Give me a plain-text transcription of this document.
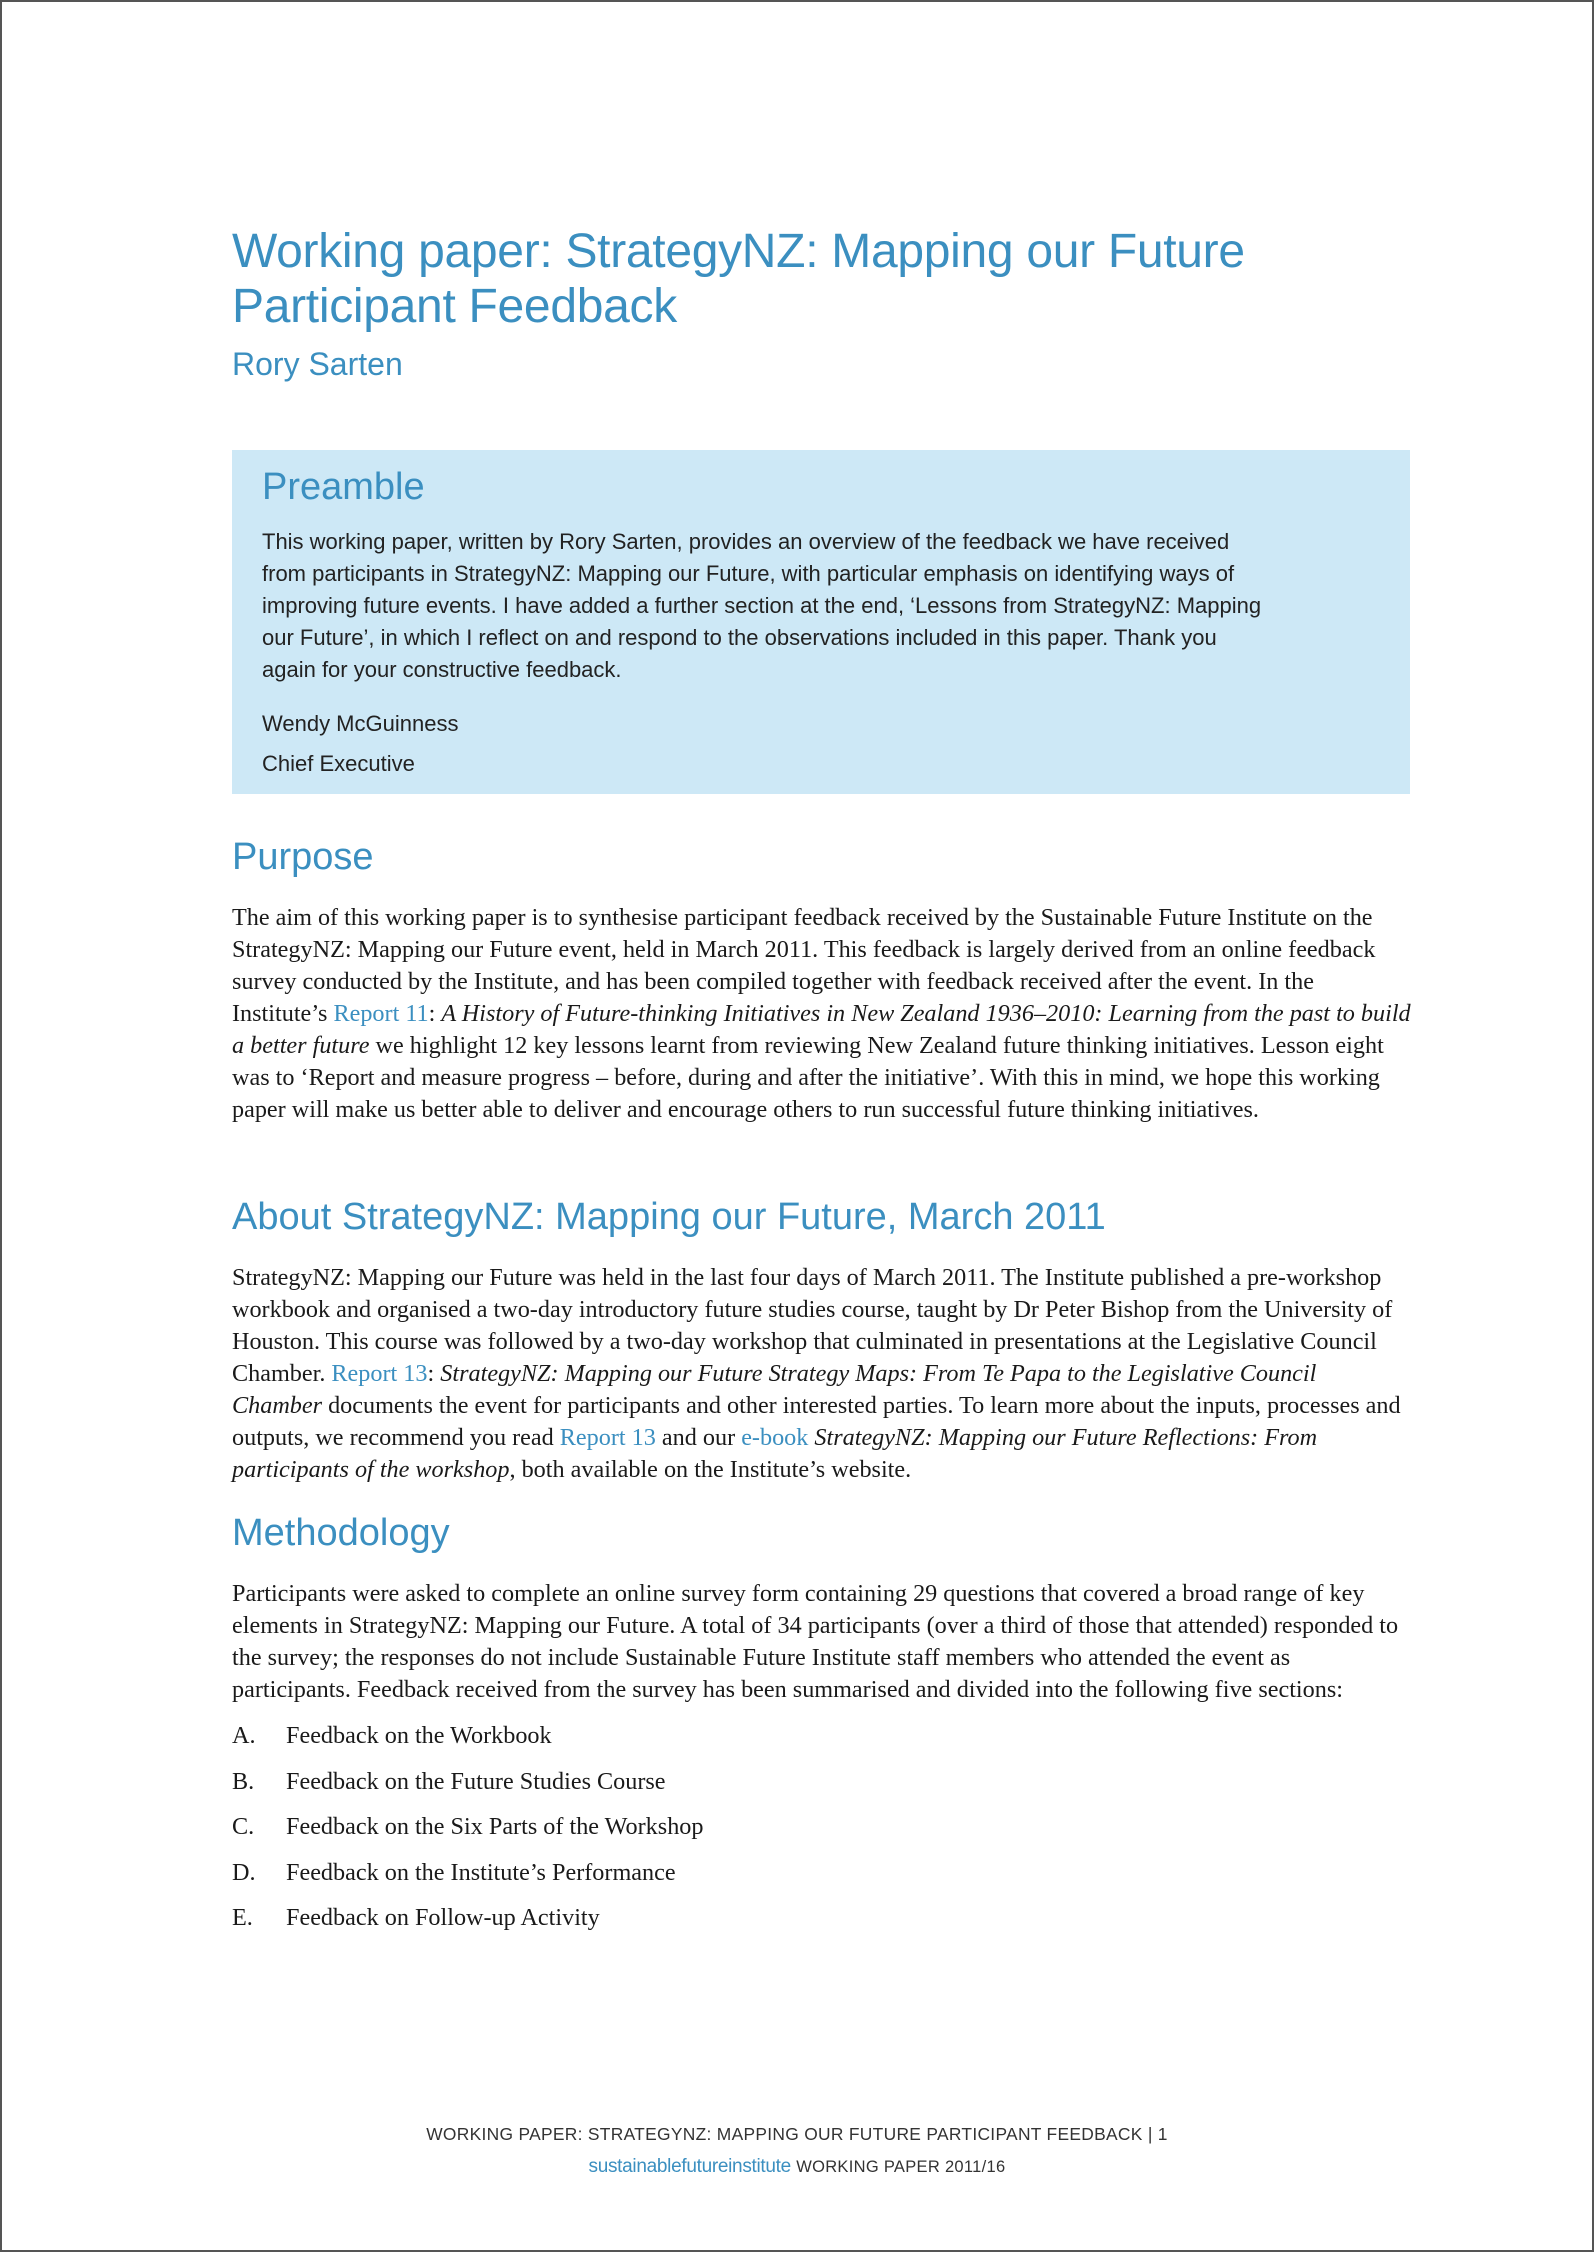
Working paper: StrategyNZ: Mapping our Future
Participant Feedback
Rory Sarten
Preamble

This working paper, written by Rory Sarten, provides an overview of the feedback we have received
from participants in StrategyNZ: Mapping our Future, with particular emphasis on identifying ways of
improving future events. I have added a further section at the end, ‘Lessons from StrategyNZ: Mapping
our Future’, in which I reflect on and respond to the observations included in this paper. Thank you
again for your constructive feedback.

Wendy McGuinness

Chief Executive

Purpose

The aim of this working paper is to synthesise participant feedback received by the Sustainable Future Institute on the StrategyNZ: Mapping our Future event, held in March 2011. This feedback is largely derived from an online feedback survey conducted by the Institute, and has been compiled together with feedback received after the event. In the Institute’s Report 11: A History of Future-thinking Initiatives in New Zealand 1936–2010: Learning from the past to build a better future we highlight 12 key lessons learnt from reviewing New Zealand future thinking initiatives. Lesson eight was to ‘Report and measure progress – before, during and after the initiative’. With this in mind, we hope this working paper will make us better able to deliver and encourage others to run successful future thinking initiatives.

About StrategyNZ: Mapping our Future, March 2011

StrategyNZ: Mapping our Future was held in the last four days of March 2011. The Institute published a pre-workshop workbook and organised a two-day introductory future studies course, taught by Dr Peter Bishop from the University of Houston. This course was followed by a two-day workshop that culminated in presentations at the Legislative Council Chamber. Report 13: StrategyNZ: Mapping our Future Strategy Maps: From Te Papa to the Legislative Council Chamber documents the event for participants and other interested parties. To learn more about the inputs, processes and outputs, we recommend you read Report 13 and our e-book StrategyNZ: Mapping our Future Reflections: From participants of the workshop, both available on the Institute’s website.

Methodology

Participants were asked to complete an online survey form containing 29 questions that covered a broad range of key elements in StrategyNZ: Mapping our Future. A total of 34 participants (over a third of those that attended) responded to the survey; the responses do not include Sustainable Future Institute staff members who attended the event as participants. Feedback received from the survey has been summarised and divided into the following five sections:

A.	Feedback on the Workbook
B.	Feedback on the Future Studies Course
C.	Feedback on the Six Parts of the Workshop
D.	Feedback on the Institute’s Performance
E.	Feedback on Follow-up Activity
WORKING PAPER: STRATEGYNZ: MAPPING OUR FUTURE PARTICIPANT FEEDBACK | 1
sustainablefutureinstitute WORKING PAPER 2011/16
